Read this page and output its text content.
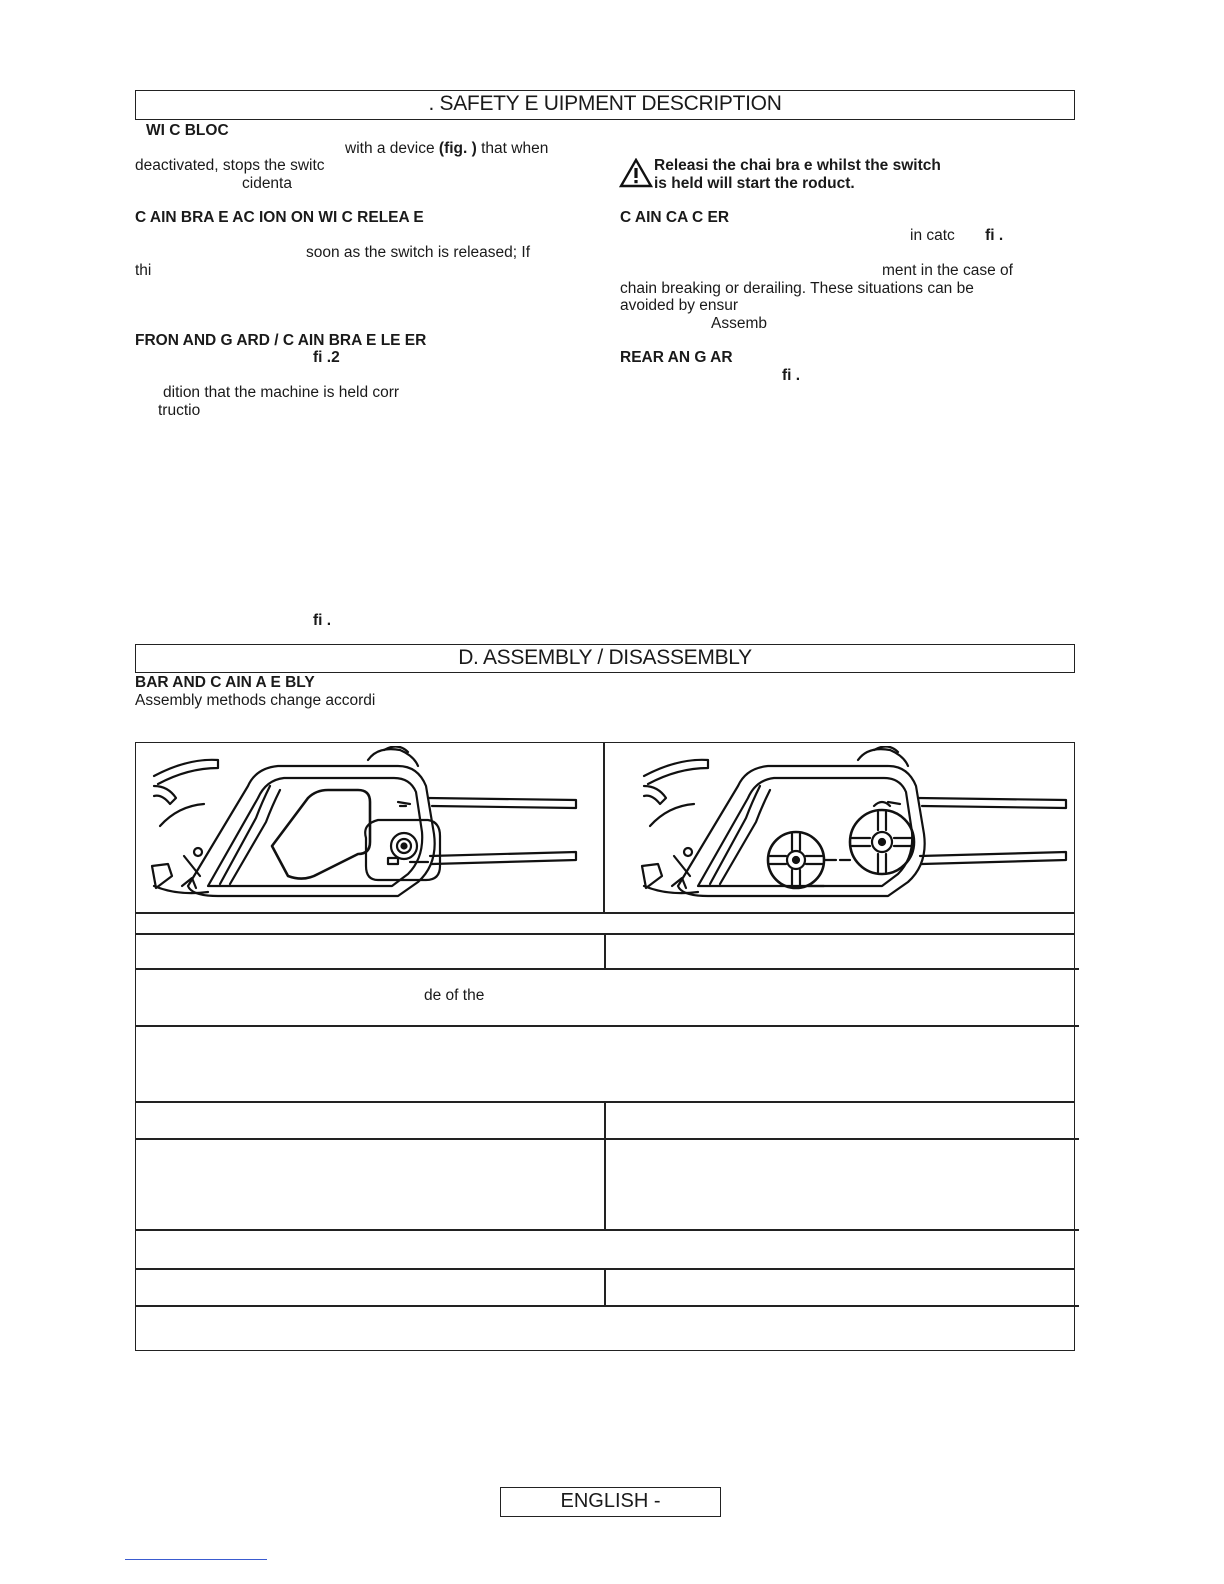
. SAFETY E UIPMENT DESCRIPTION
WI C BLOC
with a device (fig. ) that when
deactivated, stops the switc
cidenta
C AIN BRA E AC ION ON WI C RELEA E
soon as the switch is released; If
thi
FRON AND G ARD / C AIN BRA E LE ER
fi .2
dition that the machine is held corr
tructio
fi .
Releasi the chai bra e whilst the switch
is held will start the roduct.
C AIN CA C ER
in catc fi .
ment in the case of
chain breaking or derailing. These situations can be
avoided by ensur
Assemb
REAR AN G AR
fi .
D. ASSEMBLY / DISASSEMBLY
BAR AND C AIN A E BLY
Assembly methods change accordi
de of the
ENGLISH -
